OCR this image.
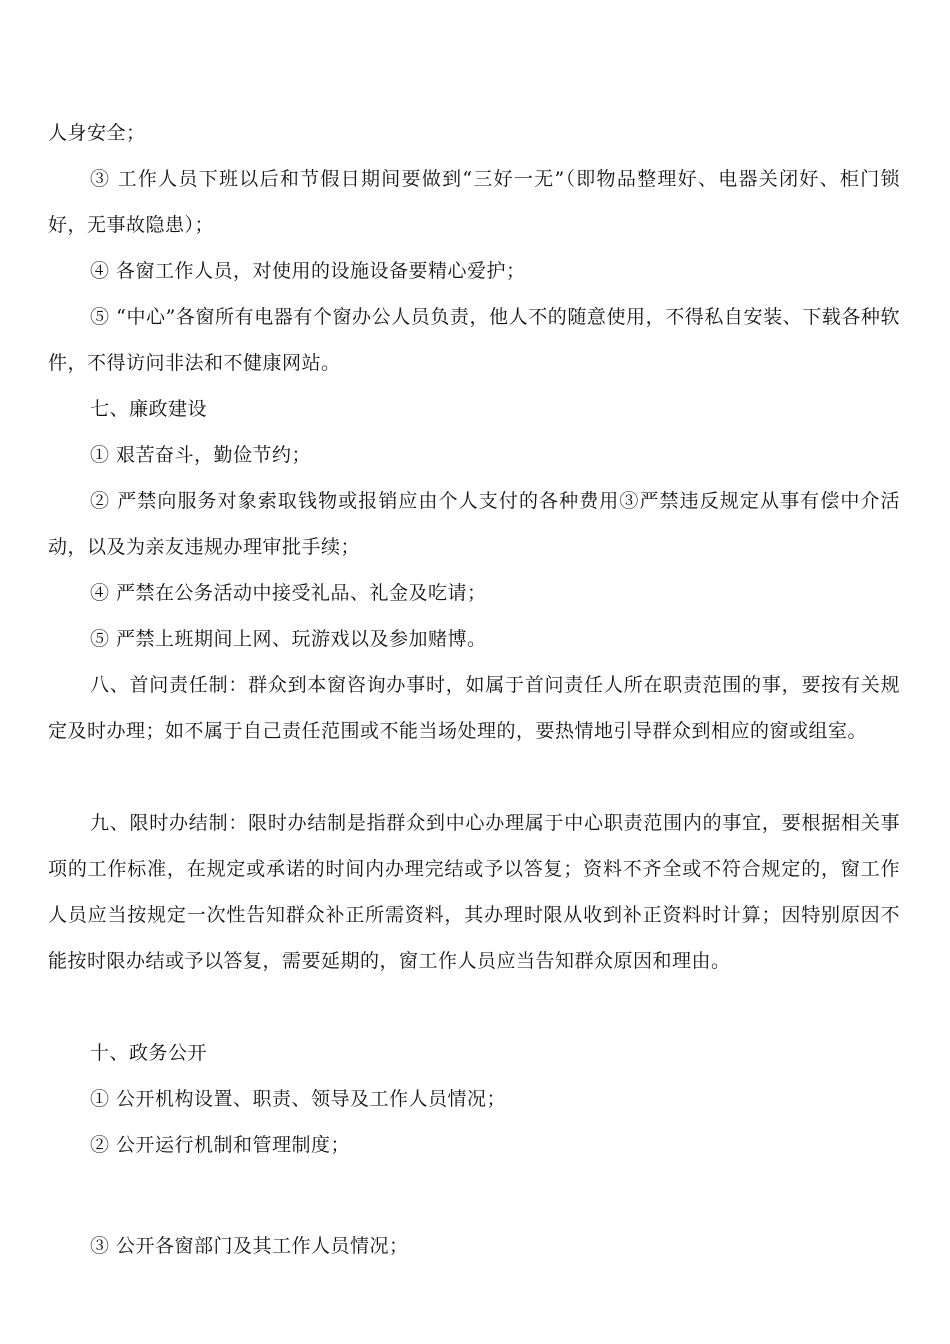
人身安全；

③ 工作人员下班以后和节假日期间要做到“三好一无”（即物品整理好、电器关闭好、柜门锁好，无事故隐患）；

④ 各窗工作人员，对使用的设施设备要精心爱护；

⑤ “中心”各窗所有电器有个窗办公人员负责，他人不的随意使用，不得私自安装、下载各种软件，不得访问非法和不健康网站。

七、廉政建设

① 艰苦奋斗，勤俭节约；

② 严禁向服务对象索取钱物或报销应由个人支付的各种费用③严禁违反规定从事有偿中介活动，以及为亲友违规办理审批手续；

④ 严禁在公务活动中接受礼品、礼金及吃请；

⑤ 严禁上班期间上网、玩游戏以及参加赌博。

八、首问责任制：群众到本窗咨询办事时，如属于首问责任人所在职责范围的事，要按有关规定及时办理；如不属于自己责任范围或不能当场处理的，要热情地引导群众到相应的窗或组室。

九、限时办结制：限时办结制是指群众到中心办理属于中心职责范围内的事宜，要根据相关事项的工作标准，在规定或承诺的时间内办理完结或予以答复；资料不齐全或不符合规定的，窗工作人员应当按规定一次性告知群众补正所需资料，其办理时限从收到补正资料时计算；因特别原因不能按时限办结或予以答复，需要延期的，窗工作人员应当告知群众原因和理由。

十、政务公开

① 公开机构设置、职责、领导及工作人员情况；

② 公开运行机制和管理制度；

③ 公开各窗部门及其工作人员情况；
